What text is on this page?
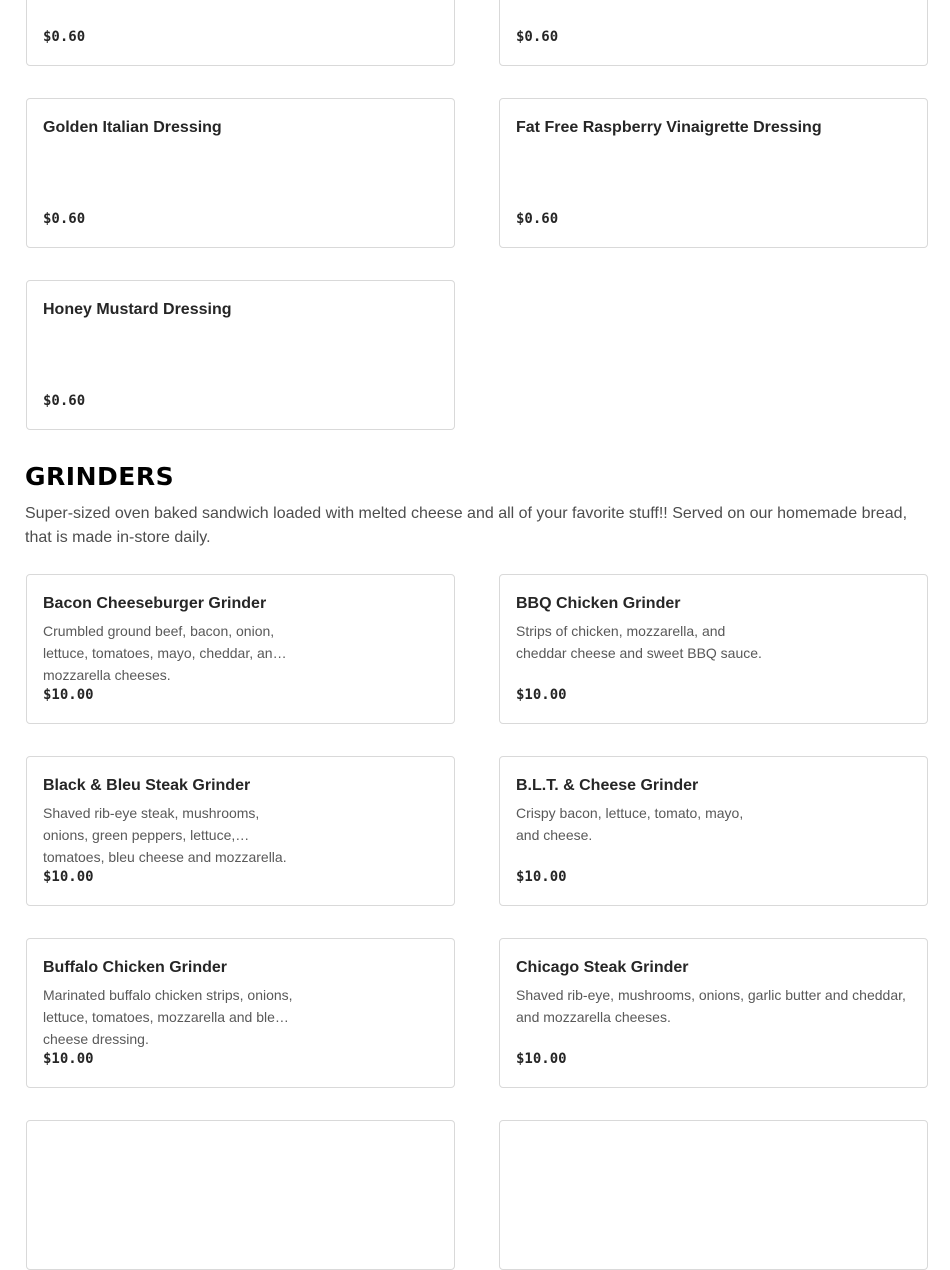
$0.60	$0.60
Golden Italian Dressing
$0.60
Fat Free Raspberry Vinaigrette Dressing
$0.60
Honey Mustard Dressing
$0.60
GRINDERS

Super-sized oven baked sandwich loaded with melted cheese and all of your favorite stuff!! Served on our homemade bread, that is made in-store daily.

Bacon Cheeseburger Grinder
Crumbled ground beef, bacon, onion, lettuce, tomatoes, mayo, cheddar, and mozzarella cheeses.
$10.00
BBQ Chicken Grinder
Strips of chicken, mozzarella, and cheddar cheese and sweet BBQ sauce.
$10.00
Black & Bleu Steak Grinder
Shaved rib-eye steak, mushrooms, onions, green peppers, lettuce, tomatoes, bleu cheese and mozzarella.
$10.00
B.L.T. & Cheese Grinder
Crispy bacon, lettuce, tomato, mayo, and cheese.
$10.00
Buffalo Chicken Grinder
Marinated buffalo chicken strips, onions, lettuce, tomatoes, mozzarella and bleu cheese dressing.
$10.00
Chicago Steak Grinder
Shaved rib-eye, mushrooms, onions, garlic butter and cheddar, and mozzarella cheeses.
$10.00
